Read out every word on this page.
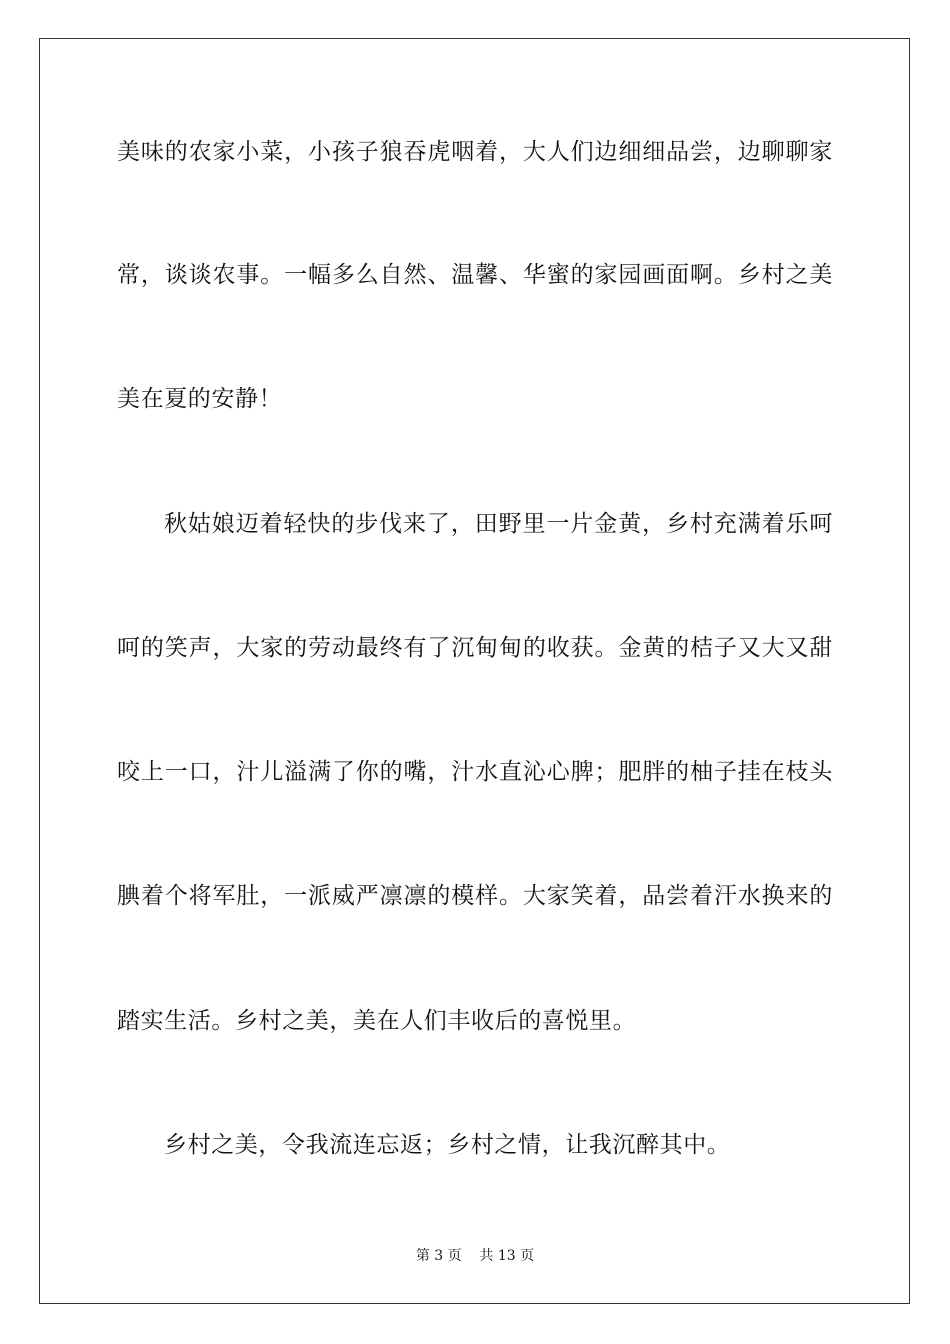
美味的农家小菜，小孩子狼吞虎咽着，大人们边细细品尝，边聊聊家
常，谈谈农事。一幅多么自然、温馨、华蜜的家园画面啊。乡村之美
美在夏的安静！
秋姑娘迈着轻快的步伐来了，田野里一片金黄，乡村充满着乐呵
呵的笑声，大家的劳动最终有了沉甸甸的收获。金黄的桔子又大又甜
咬上一口，汁儿溢满了你的嘴，汁水直沁心脾；肥胖的柚子挂在枝头
腆着个将军肚，一派威严凛凛的模样。大家笑着，品尝着汗水换来的
踏实生活。乡村之美，美在人们丰收后的喜悦里。
乡村之美，令我流连忘返；乡村之情，让我沉醉其中。
第 3 页    共 13 页
